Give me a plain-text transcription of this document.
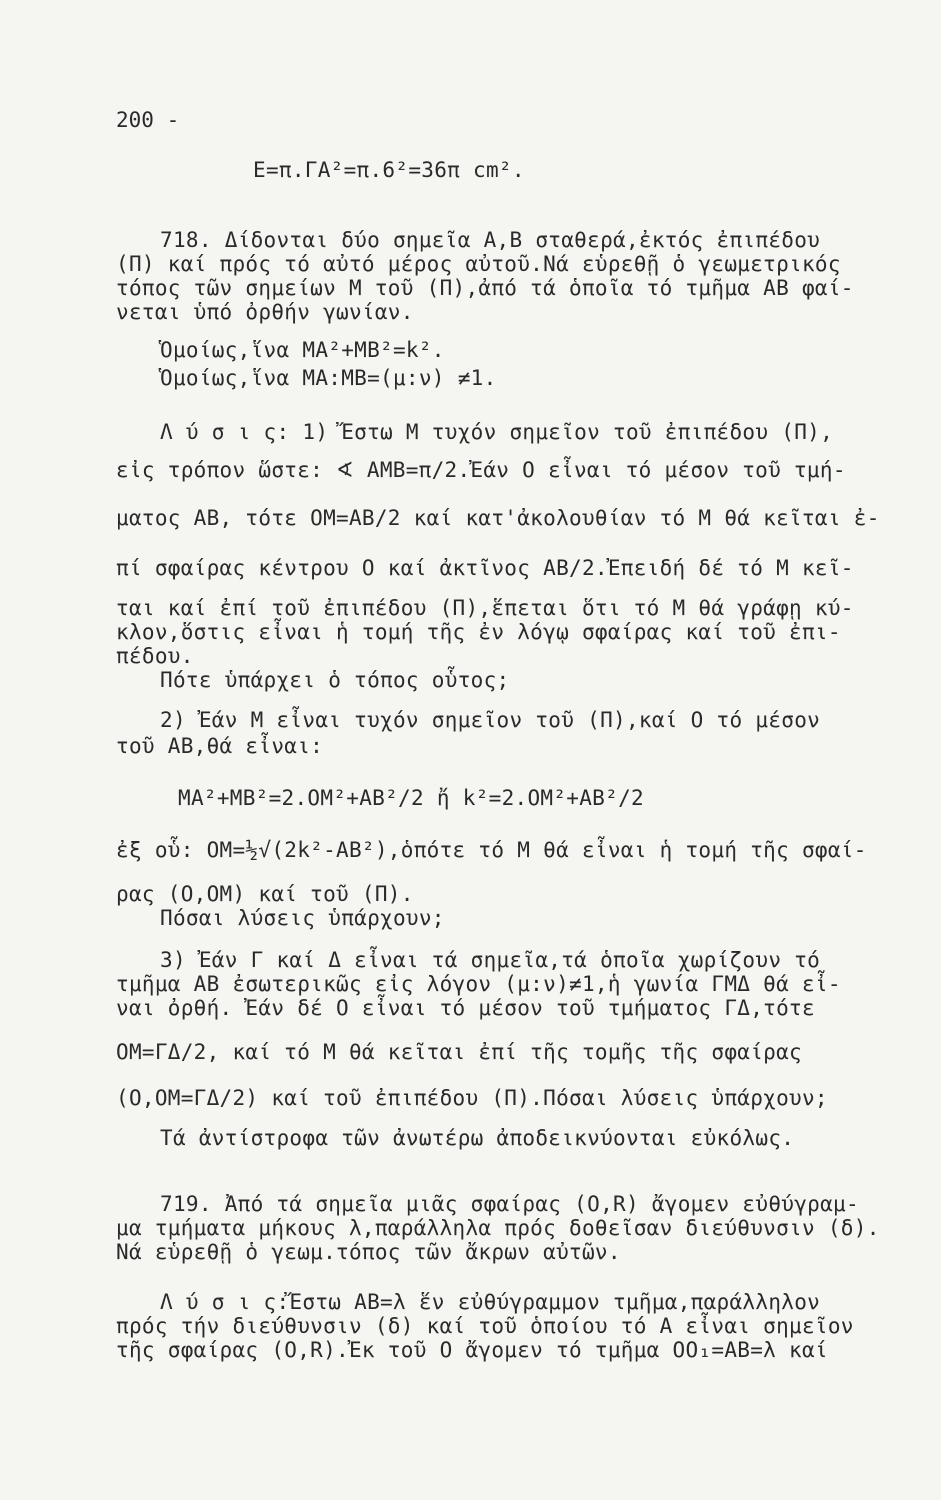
200 -
E=π.ΓΑ²=π.6²=36π cm².
718. Δίδονται δύο σημεῖα Α,Β σταθερά,ἐκτός ἐπιπέδου
(Π) καί πρός τό αὐτό μέρος αὐτοῦ.Νά εὑρεθῇ ὁ γεωμετρικός
τόπος τῶν σημείων Μ τοῦ (Π),ἀπό τά ὁποῖα τό τμῆμα ΑΒ φαί-
νεται ὑπό ὀρθήν γωνίαν.
Ὁμοίως,ἵνα ΜΑ²+ΜΒ²=k².
Ὁμοίως,ἵνα ΜΑ:ΜΒ=(μ:ν) ≠1.
Λ ύ σ ι ς: 1) Ἔστω Μ τυχόν σημεῖον τοῦ ἐπιπέδου (Π),
εἰς τρόπον ὥστε: ∢ ΑΜΒ=π/2.Ἐάν Ο εἶναι τό μέσον τοῦ τμή-
ματος ΑΒ, τότε ΟΜ=ΑΒ/2 καί κατ'ἀκολουθίαν τό Μ θά κεῖται ἐ-
πί σφαίρας κέντρου Ο καί ἀκτῖνος ΑΒ/2.Ἐπειδή δέ τό Μ κεῖ-
ται καί ἐπί τοῦ ἐπιπέδου (Π),ἕπεται ὅτι τό Μ θά γράφῃ κύ-
κλον,ὅστις εἶναι ἡ τομή τῆς ἐν λόγῳ σφαίρας καί τοῦ ἐπι-
πέδου.
Πότε ὑπάρχει ὁ τόπος οὗτος;
2) Ἐάν Μ εἶναι τυχόν σημεῖον τοῦ (Π),καί Ο τό μέσον
τοῦ ΑΒ,θά εἶναι:
ΜΑ²+ΜΒ²=2.ΟΜ²+ΑΒ²/2 ἤ k²=2.ΟΜ²+ΑΒ²/2
ἐξ οὗ: ΟΜ=½√(2k²-ΑΒ²),ὁπότε τό Μ θά εἶναι ἡ τομή τῆς σφαί-
ρας (Ο,ΟΜ) καί τοῦ (Π).
Πόσαι λύσεις ὑπάρχουν;
3) Ἐάν Γ καί Δ εἶναι τά σημεῖα,τά ὁποῖα χωρίζουν τό
τμῆμα ΑΒ ἐσωτερικῶς εἰς λόγον (μ:ν)≠1,ἡ γωνία ΓΜΔ θά εἶ-
ναι ὀρθή. Ἐάν δέ Ο εἶναι τό μέσον τοῦ τμήματος ΓΔ,τότε
ΟΜ=ΓΔ/2, καί τό Μ θά κεῖται ἐπί τῆς τομῆς τῆς σφαίρας
(Ο,ΟΜ=ΓΔ/2) καί τοῦ ἐπιπέδου (Π).Πόσαι λύσεις ὑπάρχουν;
Τά ἀντίστροφα τῶν ἀνωτέρω ἀποδεικνύονται εὐκόλως.
719. Ἀπό τά σημεῖα μιᾶς σφαίρας (Ο,R) ἄγομεν εὐθύγραμ-
μα τμήματα μήκους λ,παράλληλα πρός δοθεῖσαν διεύθυνσιν (δ).
Νά εὑρεθῇ ὁ γεωμ.τόπος τῶν ἄκρων αὐτῶν.
Λ ύ σ ι ς:Ἔστω ΑΒ=λ ἕν εὐθύγραμμον τμῆμα,παράλληλον
πρός τήν διεύθυνσιν (δ) καί τοῦ ὁποίου τό Α εἶναι σημεῖον
τῆς σφαίρας (Ο,R).Ἐκ τοῦ Ο ἄγομεν τό τμῆμα ΟΟ₁=ΑΒ=λ καί
